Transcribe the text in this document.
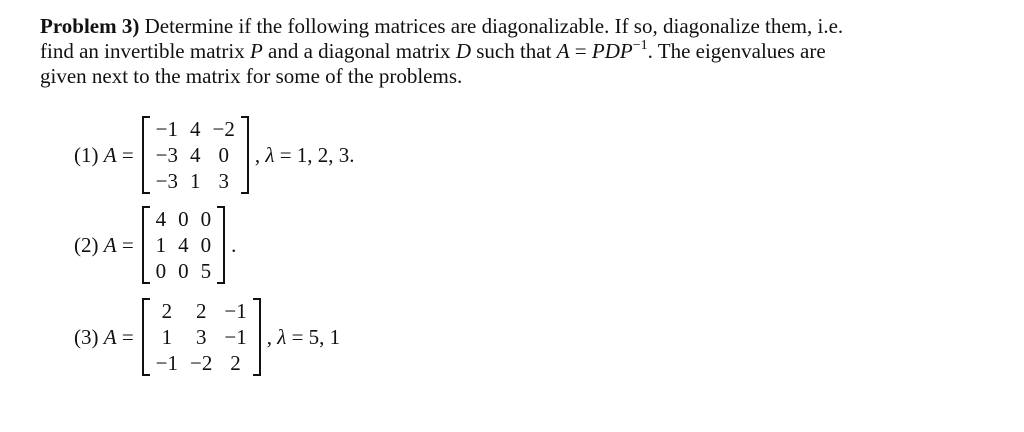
Problem 3) Determine if the following matrices are diagonalizable. If so, diagonalize them, i.e.
find an invertible matrix P and a diagonal matrix D such that $A = PDP^{-1}$. The eigenvalues are
given next to the matrix for some of the problems.
(1) A =
−1	4	−2
−3	4	0
−3	1	3
, λ = 1, 2, 3.
(2) A =
4	0	0
1	4	0
0	0	5
.
(3) A =
2	2	−1
1	3	−1
−1	−2	2
, λ = 5, 1
